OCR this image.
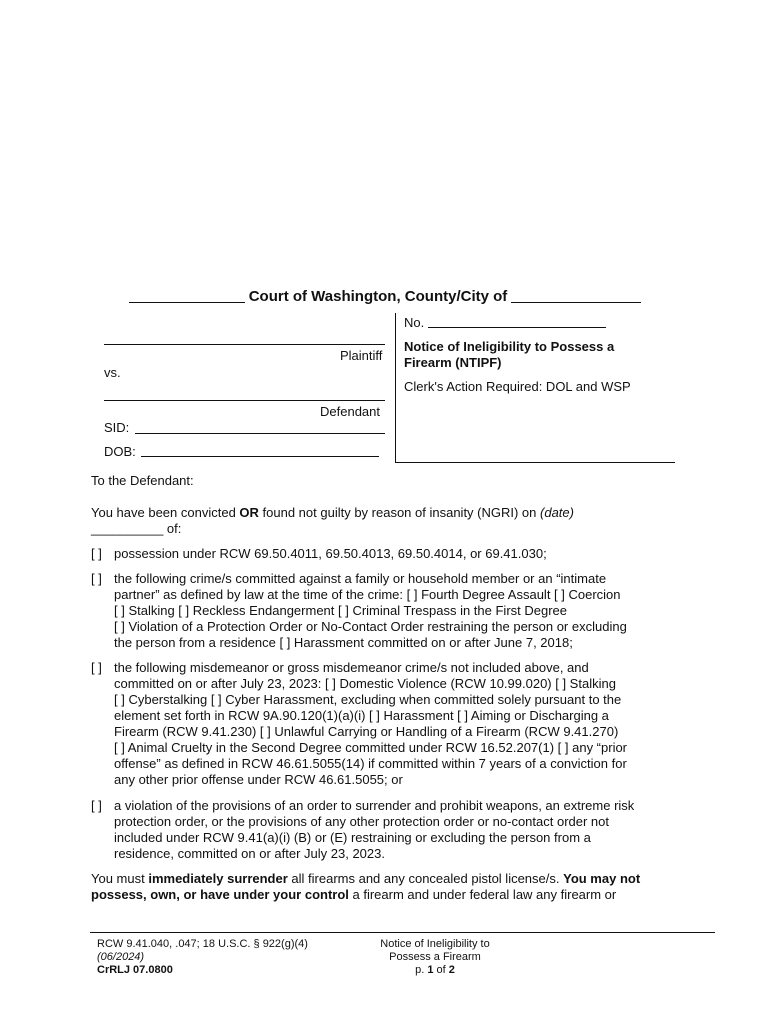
Court of Washington, County/City of
Plaintiff
vs.
Defendant
SID:
DOB:
No.
Notice of Ineligibility to Possess a Firearm (NTIPF)
Clerk's Action Required: DOL and WSP
To the Defendant:
You have been convicted OR found not guilty by reason of insanity (NGRI) on (date)
__________ of:
[ ] possession under RCW 69.50.4011, 69.50.4013, 69.50.4014, or 69.41.030;
[ ] the following crime/s committed against a family or household member or an “intimate
partner” as defined by law at the time of the crime: [ ] Fourth Degree Assault [ ] Coercion
[ ] Stalking [ ] Reckless Endangerment [ ] Criminal Trespass in the First Degree
[ ] Violation of a Protection Order or No-Contact Order restraining the person or excluding
the person from a residence [ ] Harassment committed on or after June 7, 2018;
[ ] the following misdemeanor or gross misdemeanor crime/s not included above, and
committed on or after July 23, 2023: [ ] Domestic Violence (RCW 10.99.020) [ ] Stalking
[ ] Cyberstalking [ ] Cyber Harassment, excluding when committed solely pursuant to the
element set forth in RCW 9A.90.120(1)(a)(i) [ ] Harassment [ ] Aiming or Discharging a
Firearm (RCW 9.41.230) [ ] Unlawful Carrying or Handling of a Firearm (RCW 9.41.270)
[ ] Animal Cruelty in the Second Degree committed under RCW 16.52.207(1) [ ] any “prior
offense” as defined in RCW 46.61.5055(14) if committed within 7 years of a conviction for
any other prior offense under RCW 46.61.5055; or
[ ] a violation of the provisions of an order to surrender and prohibit weapons, an extreme risk
protection order, or the provisions of any other protection order or no-contact order not
included under RCW 9.41(a)(i) (B) or (E) restraining or excluding the person from a
residence, committed on or after July 23, 2023.
You must immediately surrender all firearms and any concealed pistol license/s. You may not possess, own, or have under your control a firearm and under federal law any firearm or
RCW 9.41.040, .047; 18 U.S.C. § 922(g)(4)
(06/2024)
CrRLJ 07.0800
Notice of Ineligibility to
Possess a Firearm
p. 1 of 2
